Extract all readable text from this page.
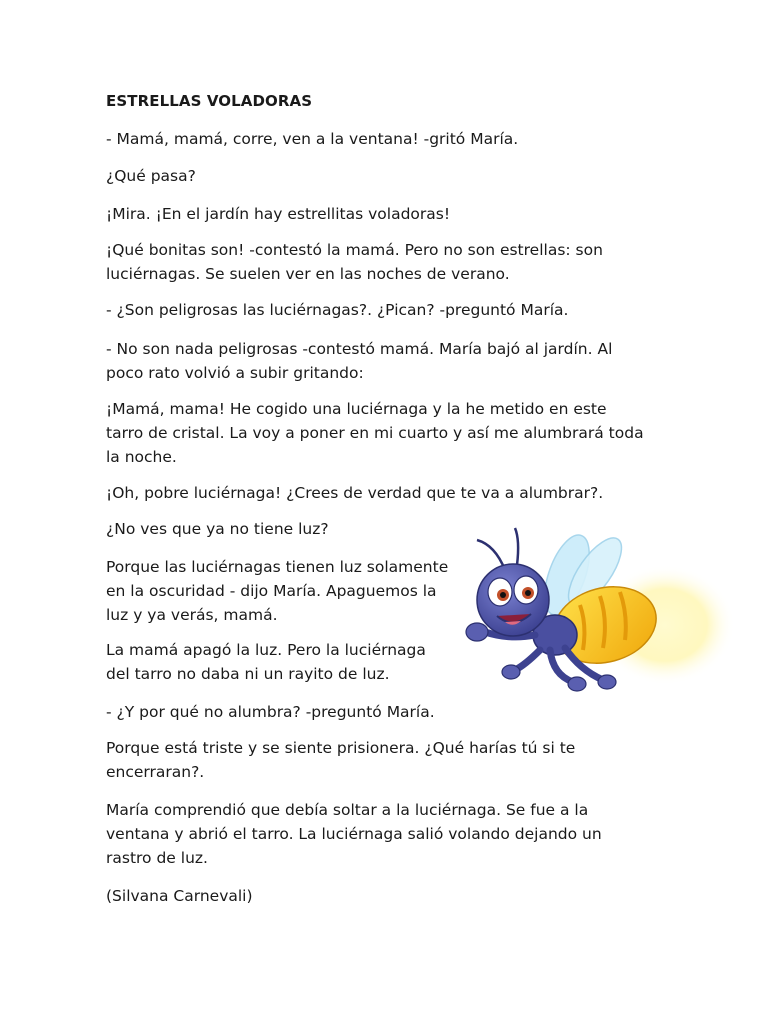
ESTRELLAS VOLADORAS
- Mamá, mamá, corre, ven a la ventana! -gritó María.
¿Qué pasa?
¡Mira. ¡En el jardín hay estrellitas voladoras!
¡Qué bonitas son! -contestó la mamá. Pero no son estrellas: son
luciérnagas. Se suelen ver en las noches de verano.
- ¿Son peligrosas las luciérnagas?. ¿Pican? -preguntó María.
- No son nada peligrosas -contestó mamá. María bajó al jardín. Al
poco rato volvió a subir gritando:
¡Mamá, mama! He cogido una luciérnaga y la he metido en este
tarro de cristal. La voy a poner en mi cuarto y así me alumbrará toda
la noche.
¡Oh, pobre luciérnaga! ¿Crees de verdad que te va a alumbrar?.
¿No ves que ya no tiene luz?
Porque las luciérnagas tienen luz solamente
en la oscuridad - dijo María. Apaguemos la
luz y ya verás, mamá.
La mamá apagó la luz. Pero la luciérnaga
del tarro no daba ni un rayito de luz.
- ¿Y por qué no alumbra? -preguntó María.
Porque está triste y se siente prisionera. ¿Qué harías tú si te
encerraran?.
María comprendió que debía soltar a la luciérnaga. Se fue a la
ventana y abrió el tarro. La luciérnaga salió volando dejando un
rastro de luz.
(Silvana Carnevali)
